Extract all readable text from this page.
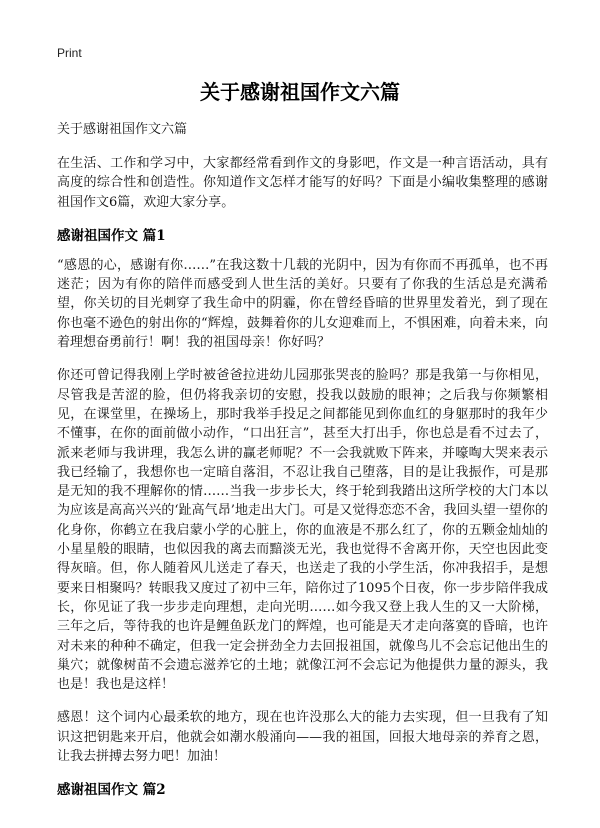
Print
关于感谢祖国作文六篇

关于感谢祖国作文六篇

在生活、工作和学习中，大家都经常看到作文的身影吧，作文是一种言语活动，具有高度的综合性和创造性。你知道作文怎样才能写的好吗？下面是小编收集整理的感谢祖国作文6篇，欢迎大家分享。

感谢祖国作文 篇1

“感恩的心，感谢有你……”在我这数十几载的光阴中，因为有你而不再孤单，也不再迷茫；因为有你的陪伴而感受到人世生活的美好。只要有了你我的生活总是充满希望，你关切的目光刺穿了我生命中的阴霾，你在曾经昏暗的世界里发着光，到了现在你也毫不逊色的射出你的“辉煌，鼓舞着你的儿女迎难而上，不惧困难，向着未来，向着理想奋勇前行！啊！我的祖国母亲！你好吗？

你还可曾记得我刚上学时被爸爸拉进幼儿园那张哭丧的脸吗？那是我第一与你相见，尽管我是苦涩的脸，但仍将我亲切的安慰，投我以鼓励的眼神；之后我与你频繁相见，在课堂里，在操场上，那时我举手投足之间都能见到你血红的身躯那时的我年少不懂事，在你的面前做小动作，“口出狂言”，甚至大打出手，你也总是看不过去了，派来老师与我讲理，我怎么讲的赢老师呢？不一会我就败下阵来，并嚎啕大哭来表示我已经输了，我想你也一定暗自落泪，不忍让我自己堕落，目的是让我振作，可是那是无知的我不理解你的情……当我一步步长大，终于轮到我踏出这所学校的大门本以为应该是高高兴兴的‘趾高气昂’地走出大门。可是又觉得恋恋不舍，我回头望一望你的化身你，你鹤立在我启蒙小学的心脏上，你的血液是不那么红了，你的五颗金灿灿的小星星般的眼睛，也似因我的离去而黯淡无光，我也觉得不舍离开你，天空也因此变得灰暗。但，你人随着风儿送走了春天，也送走了我的小学生活，你冲我招手，是想要来日相聚吗？转眼我又度过了初中三年，陪你过了1095个日夜，你一步步陪伴我成长，你见证了我一步步走向理想，走向光明……如今我又登上我人生的又一大阶梯，三年之后，等待我的也许是鲤鱼跃龙门的辉煌，也可能是天才走向落寞的昏暗，也许对未来的种种不确定，但我一定会拼劲全力去回报祖国，就像鸟儿不会忘记他出生的巢穴；就像树苗不会遗忘滋养它的土地；就像江河不会忘记为他提供力量的源头，我也是！我也是这样！

感恩！这个词内心最柔软的地方，现在也许没那么大的能力去实现，但一旦我有了知识这把钥匙来开启，他就会如潮水般涌向——我的祖国，回报大地母亲的养育之恩，让我去拼搏去努力吧！加油！

感谢祖国作文 篇2
